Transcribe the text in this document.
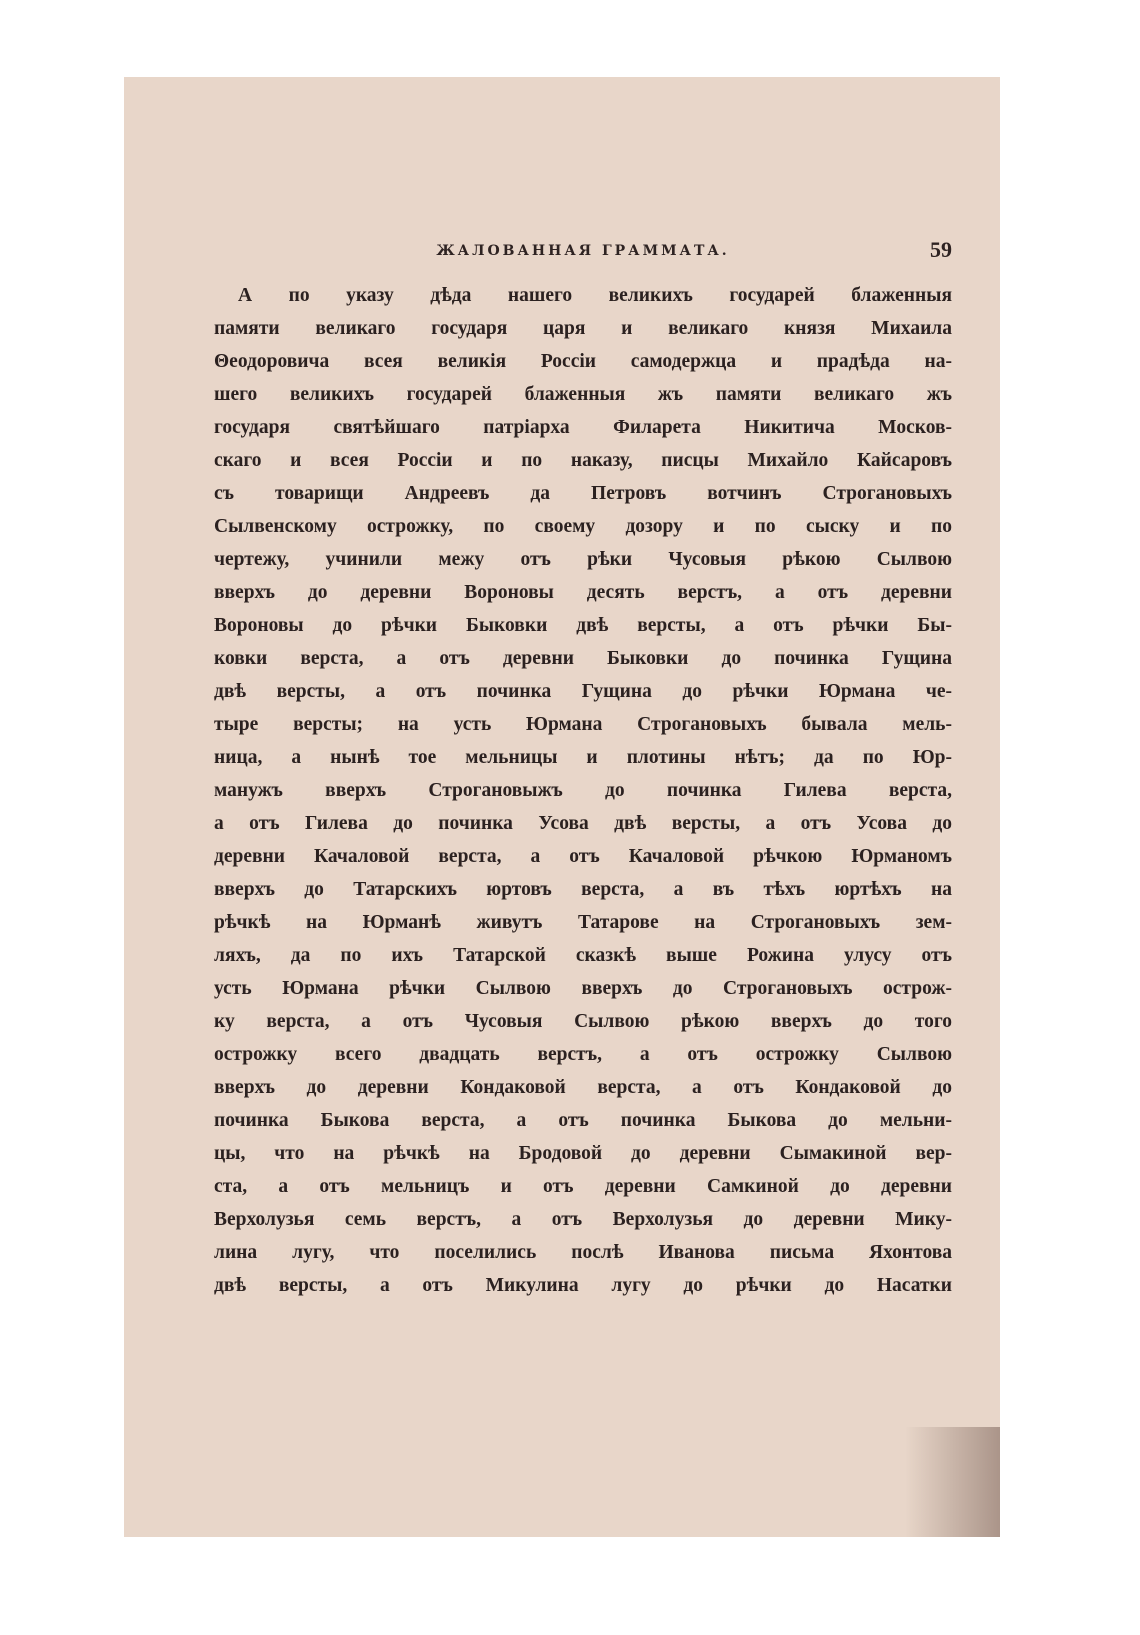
ЖАЛОВАННАЯ ГРАММАТА.	59
А по указу дѣда нашего великихъ государей блаженныя
памяти великаго государя царя и великаго князя Михаила
Θеодоровича всея великія Россіи самодержца и прадѣда на-
шего великихъ государей блаженныя жъ памяти великаго жъ
государя святѣйшаго патріарха Филарета Никитича Москов-
скаго и всея Россіи и по наказу, писцы Михайло Кайсаровъ
съ товарищи Андреевъ да Петровъ вотчинъ Строгановыхъ
Сылвенскому острожку, по своему дозору и по сыску и по
чертежу, учинили межу отъ рѣки Чусовыя рѣкою Сылвою
вверхъ до деревни Вороновы десять верстъ, а отъ деревни
Вороновы до рѣчки Быковки двѣ версты, а отъ рѣчки Бы-
ковки верста, а отъ деревни Быковки до починка Гущина
двѣ версты, а отъ починка Гущина до рѣчки Юрмана че-
тыре версты; на усть Юрмана Строгановыхъ бывала мель-
ница, а нынѣ тое мельницы и плотины нѣтъ; да по Юр-
манужъ вверхъ Строгановыжъ до починка Гилева верста,
а отъ Гилева до починка Усова двѣ версты, а отъ Усова до
деревни Качаловой верста, а отъ Качаловой рѣчкою Юрманомъ
вверхъ до Татарскихъ юртовъ верста, а въ тѣхъ юртѣхъ на
рѣчкѣ на Юрманѣ живутъ Татарове на Строгановыхъ зем-
ляхъ, да по ихъ Татарской сказкѣ выше Рожина улусу отъ
усть Юрмана рѣчки Сылвою вверхъ до Строгановыхъ острож-
ку верста, а отъ Чусовыя Сылвою рѣкою вверхъ до того
острожку всего двадцать верстъ, а отъ острожку Сылвою
вверхъ до деревни Кондаковой верста, а отъ Кондаковой до
починка Быкова верста, а отъ починка Быкова до мельни-
цы, что на рѣчкѣ на Бродовой до деревни Сымакиной вер-
ста, а отъ мельницъ и отъ деревни Самкиной до деревни
Верхолузья семь верстъ, а отъ Верхолузья до деревни Мику-
лина лугу, что поселились послѣ Иванова письма Яхонтова
двѣ версты, а отъ Микулина лугу до рѣчки до Насатки
